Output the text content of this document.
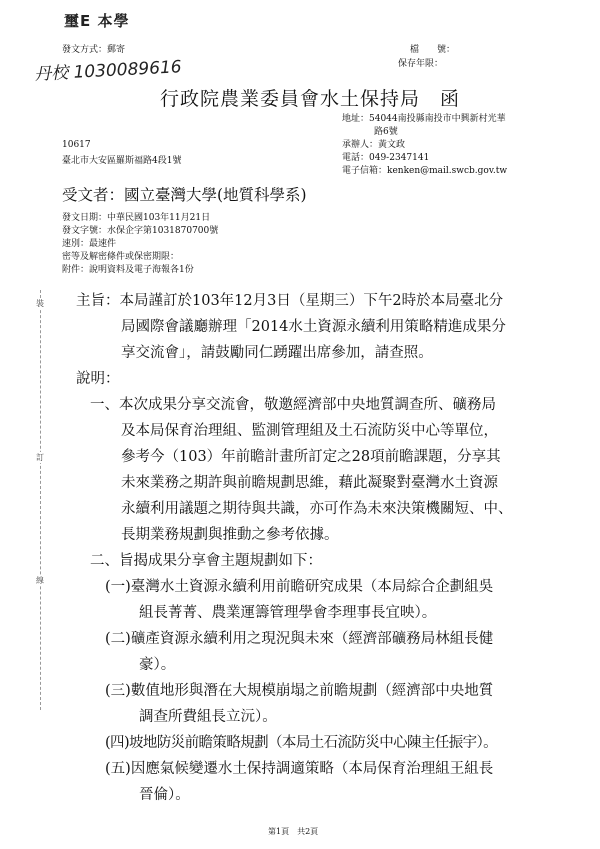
璽E 本學
丹校 1030089616
發文方式：郵寄	檔　　號：
保存年限：
行政院農業委員會水土保持局　函
地址：54044南投縣南投市中興新村光華
路6號
承辦人：黃文政
電話：049-2347141
電子信箱：kenken@mail.swcb.gov.tw
10617
臺北市大安區羅斯福路4段1號
受文者：國立臺灣大學(地質科學系)
發文日期：中華民國103年11月21日
發文字號：水保企字第1031870700號
速別：最速件
密等及解密條件或保密期限：
附件：說明資料及電子海報各1份
裝
訂
線
主旨：本局謹訂於103年12月3日（星期三）下午2時於本局臺北分
局國際會議廳辦理「2014水土資源永續利用策略精進成果分
享交流會」，請鼓勵同仁踴躍出席參加，請查照。
說明：
一、本次成果分享交流會，敬邀經濟部中央地質調查所、礦務局
及本局保育治理組、監測管理組及土石流防災中心等單位，
參考今（103）年前瞻計畫所訂定之28項前瞻課題，分享其
未來業務之期許與前瞻規劃思維，藉此凝聚對臺灣水土資源
永續利用議題之期待與共識，亦可作為未來決策機關短、中、
長期業務規劃與推動之參考依據。
二、旨揭成果分享會主題規劃如下：
(一)臺灣水土資源永續利用前瞻研究成果（本局綜合企劃組吳
組長菁菁、農業運籌管理學會李理事長宜映）。
(二)礦產資源永續利用之現況與未來（經濟部礦務局林組長健
豪）。
(三)數值地形與潛在大規模崩塌之前瞻規劃（經濟部中央地質
調查所費組長立沅）。
(四)坡地防災前瞻策略規劃（本局土石流防災中心陳主任振宇）。
(五)因應氣候變遷水土保持調適策略（本局保育治理組王組長
晉倫）。
第1頁　共2頁
